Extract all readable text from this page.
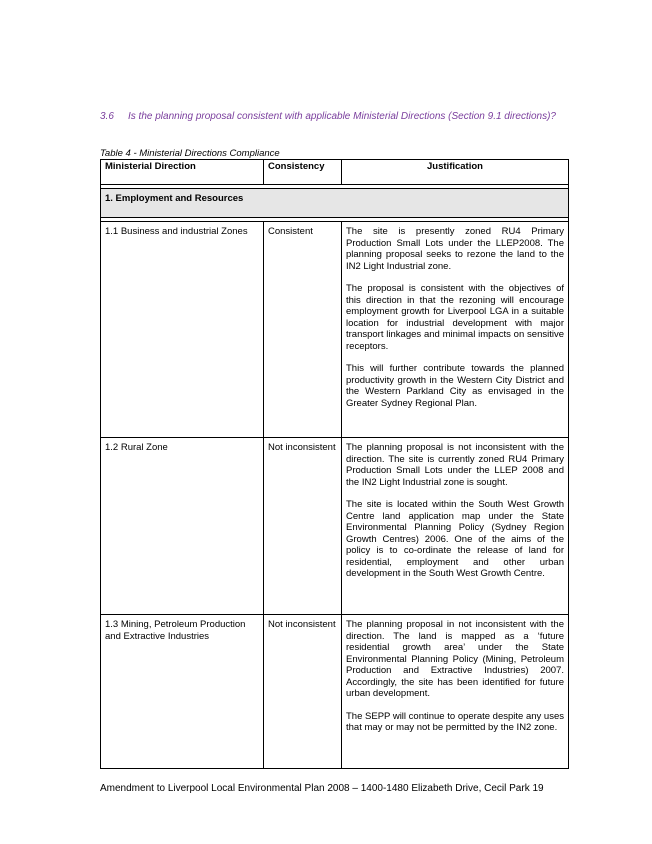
3.6 Is the planning proposal consistent with applicable Ministerial Directions (Section 9.1 directions)?
Table 4 - Ministerial Directions Compliance
Ministerial Direction	Consistency	Justification

1. Employment and Resources		

1.1 Business and industrial Zones	Consistent	The site is presently zoned RU4 Primary Production Small Lots under the LLEP2008. The planning proposal seeks to rezone the land to the IN2 Light Industrial zone.

The proposal is consistent with the objectives of this direction in that the rezoning will encourage employment growth for Liverpool LGA in a suitable location for industrial development with major transport linkages and minimal impacts on sensitive receptors.

This will further contribute towards the planned productivity growth in the Western City District and the Western Parkland City as envisaged in the Greater Sydney Regional Plan.

1.2 Rural Zone	Not inconsistent	The planning proposal is not inconsistent with the direction. The site is currently zoned RU4 Primary Production Small Lots under the LLEP 2008 and the IN2 Light Industrial zone is sought.

The site is located within the South West Growth Centre land application map under the State Environmental Planning Policy (Sydney Region Growth Centres) 2006. One of the aims of the policy is to co-ordinate the release of land for residential, employment and other urban development in the South West Growth Centre.

1.3 Mining, Petroleum Production and Extractive Industries	Not inconsistent	The planning proposal in not inconsistent with the direction. The land is mapped as a ‘future residential growth area’ under the State Environmental Planning Policy (Mining, Petroleum Production and Extractive Industries) 2007. Accordingly, the site has been identified for future urban development.

The SEPP will continue to operate despite any uses that may or may not be permitted by the IN2 zone.

Amendment to Liverpool Local Environmental Plan 2008 – 1400-1480 Elizabeth Drive, Cecil Park 19
